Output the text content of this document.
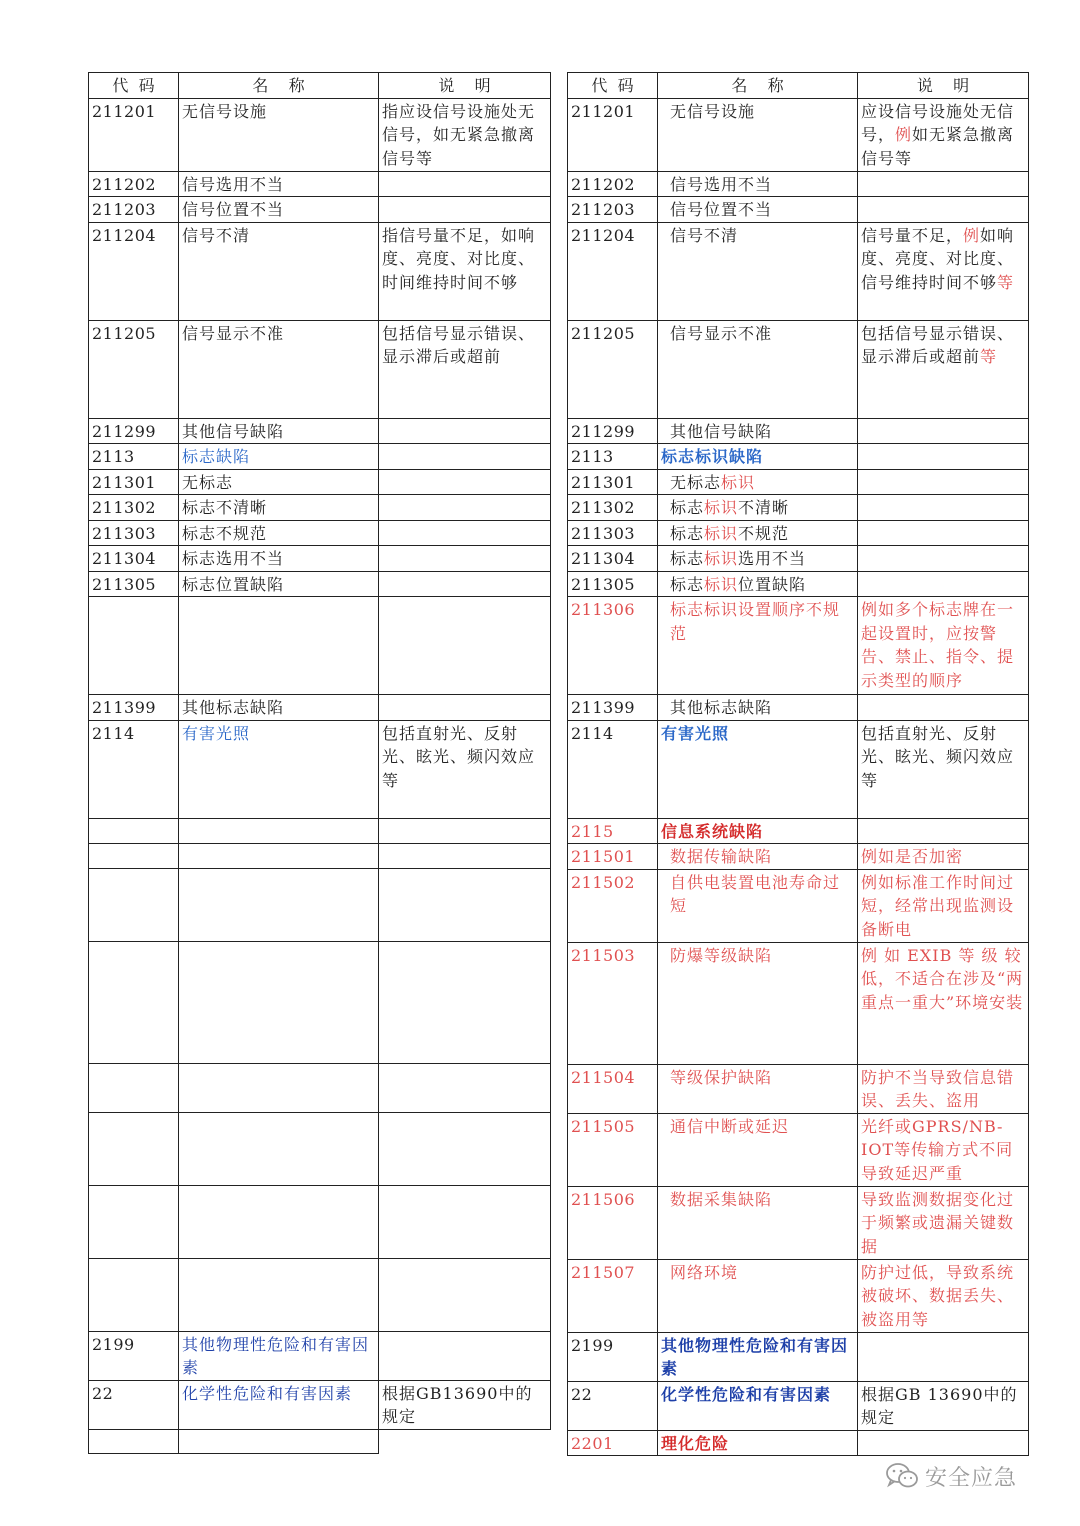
代  码	名    称	说    明
211201	无信号设施	指应设信号设施处无信号，如无紧急撤离信号等
211202	信号选用不当	
211203	信号位置不当	
211204	信号不清	指信号量不足，如响度、亮度、对比度、时间维持时间不够
211205	信号显示不准	包括信号显示错误、显示滞后或超前
211299	其他信号缺陷	
2113	标志缺陷	
211301	无标志	
211302	标志不清晰	
211303	标志不规范	
211304	标志选用不当	
211305	标志位置缺陷	

211399	其他标志缺陷	
2114	有害光照	包括直射光、反射光、眩光、频闪效应等

2199	其他物理性危险和有害因素	
22	化学性危险和有害因素	根据GB13690中的规定

代  码	名    称	说    明
211201	无信号设施	应设信号设施处无信号，例如无紧急撤离信号等
211202	信号选用不当	
211203	信号位置不当	
211204	信号不清	信号量不足，例如响度、亮度、对比度、信号维持时间不够等
211205	信号显示不准	包括信号显示错误、显示滞后或超前等
211299	其他信号缺陷	
2113	标志标识缺陷	
211301	无标志标识	
211302	标志标识不清晰	
211303	标志标识不规范	
211304	标志标识选用不当	
211305	标志标识位置缺陷	
211306	标志标识设置顺序不规范	例如多个标志牌在一起设置时，应按警告、禁止、指令、提示类型的顺序
211399	其他标志缺陷	
2114	有害光照	包括直射光、反射光、眩光、频闪效应等
2115	信息系统缺陷	
211501	数据传输缺陷	例如是否加密
211502	自供电装置电池寿命过短	例如标准工作时间过短，经常出现监测设备断电
211503	防爆等级缺陷	例 如 EXIB 等 级 较低，不适合在涉及“两重点一重大”环境安装
211504	等级保护缺陷	防护不当导致信息错误、丢失、盗用
211505	通信中断或延迟	光纤或GPRS/NB-IOT等传输方式不同导致延迟严重
211506	数据采集缺陷	导致监测数据变化过于频繁或遗漏关键数据
211507	网络环境	防护过低，导致系统被破坏、数据丢失、被盗用等
2199	其他物理性危险和有害因素	
22	化学性危险和有害因素	根据GB 13690中的规定
2201	理化危险	
安全应急
